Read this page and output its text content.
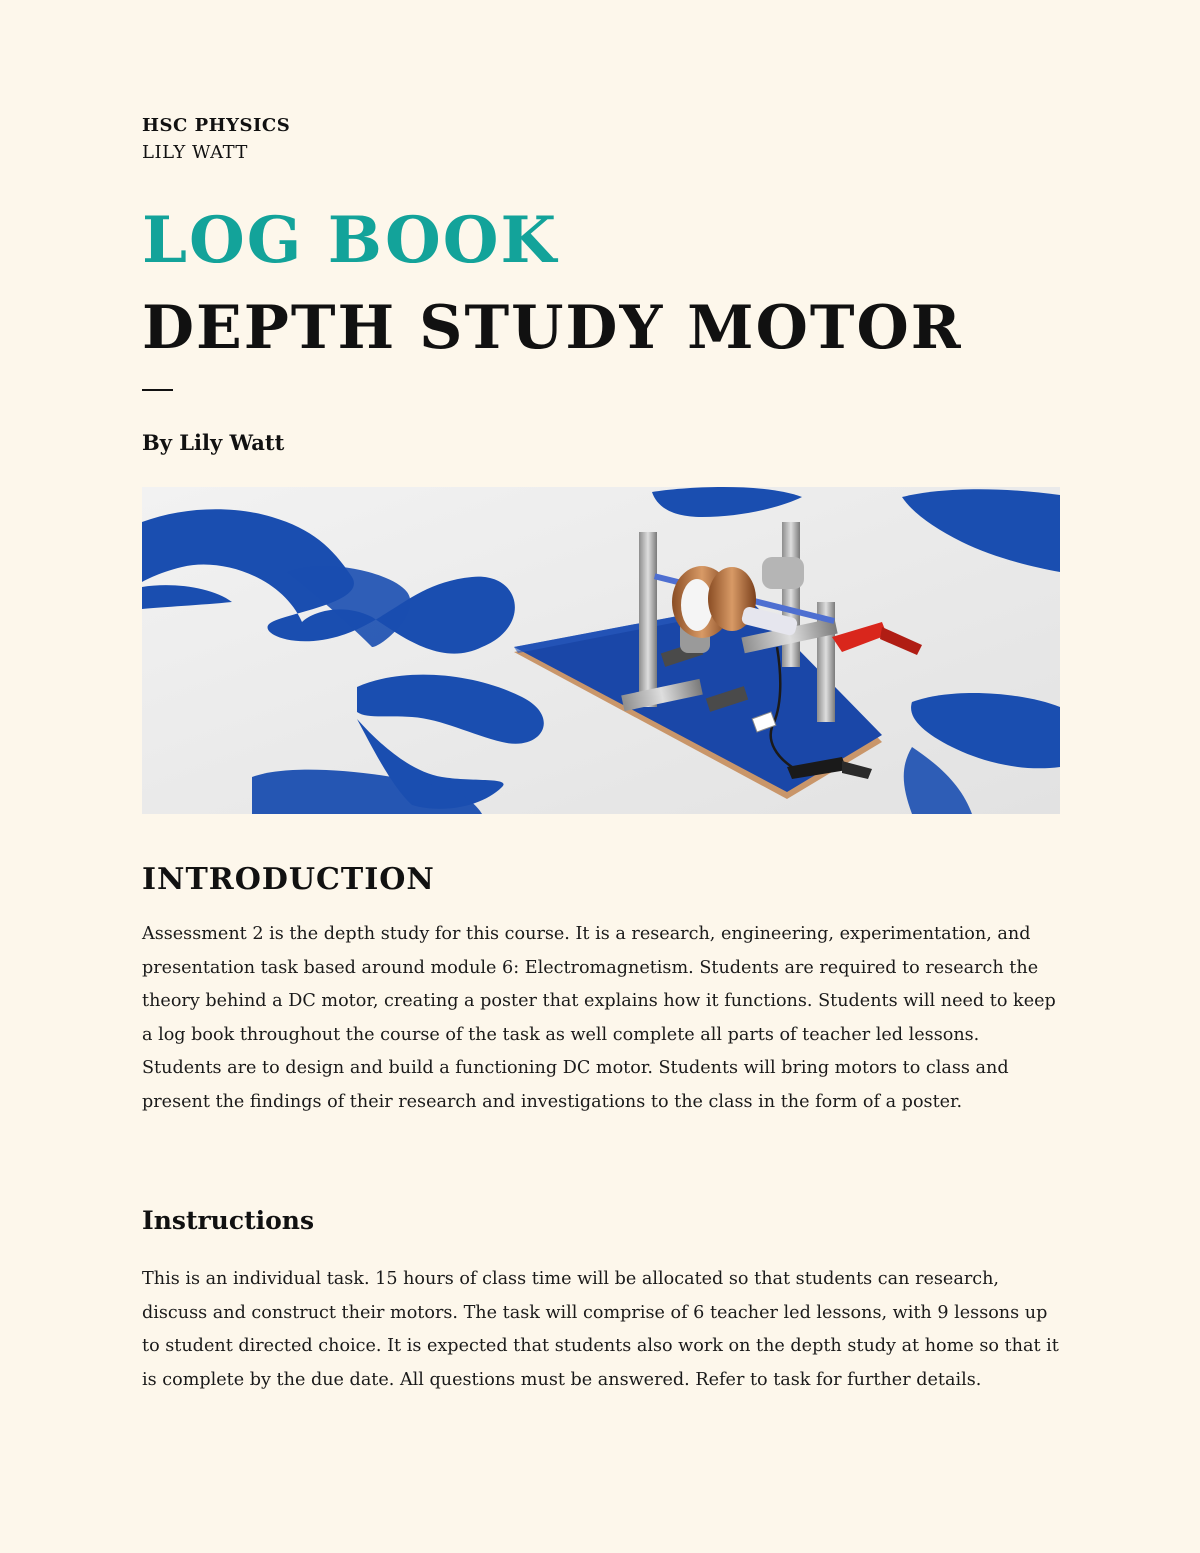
HSC PHYSICS
LILY WATT
LOG BOOK
DEPTH STUDY MOTOR
By Lily Watt
INTRODUCTION

Assessment 2 is the depth study for this course. It is a research, engineering, experimentation, and presentation task based around module 6: Electromagnetism. Students are required to research the theory behind a DC motor, creating a poster that explains how it functions. Students will need to keep a log book throughout the course of the task as well complete all parts of teacher led lessons. Students are to design and build a functioning DC motor. Students will bring motors to class and present the findings of their research and investigations to the class in the form of a poster.

Instructions

This is an individual task. 15 hours of class time will be allocated so that students can research, discuss and construct their motors. The task will comprise of 6 teacher led lessons, with 9 lessons up to student directed choice. It is expected that students also work on the depth study at home so that it is complete by the due date. All questions must be answered. Refer to task for further details.
